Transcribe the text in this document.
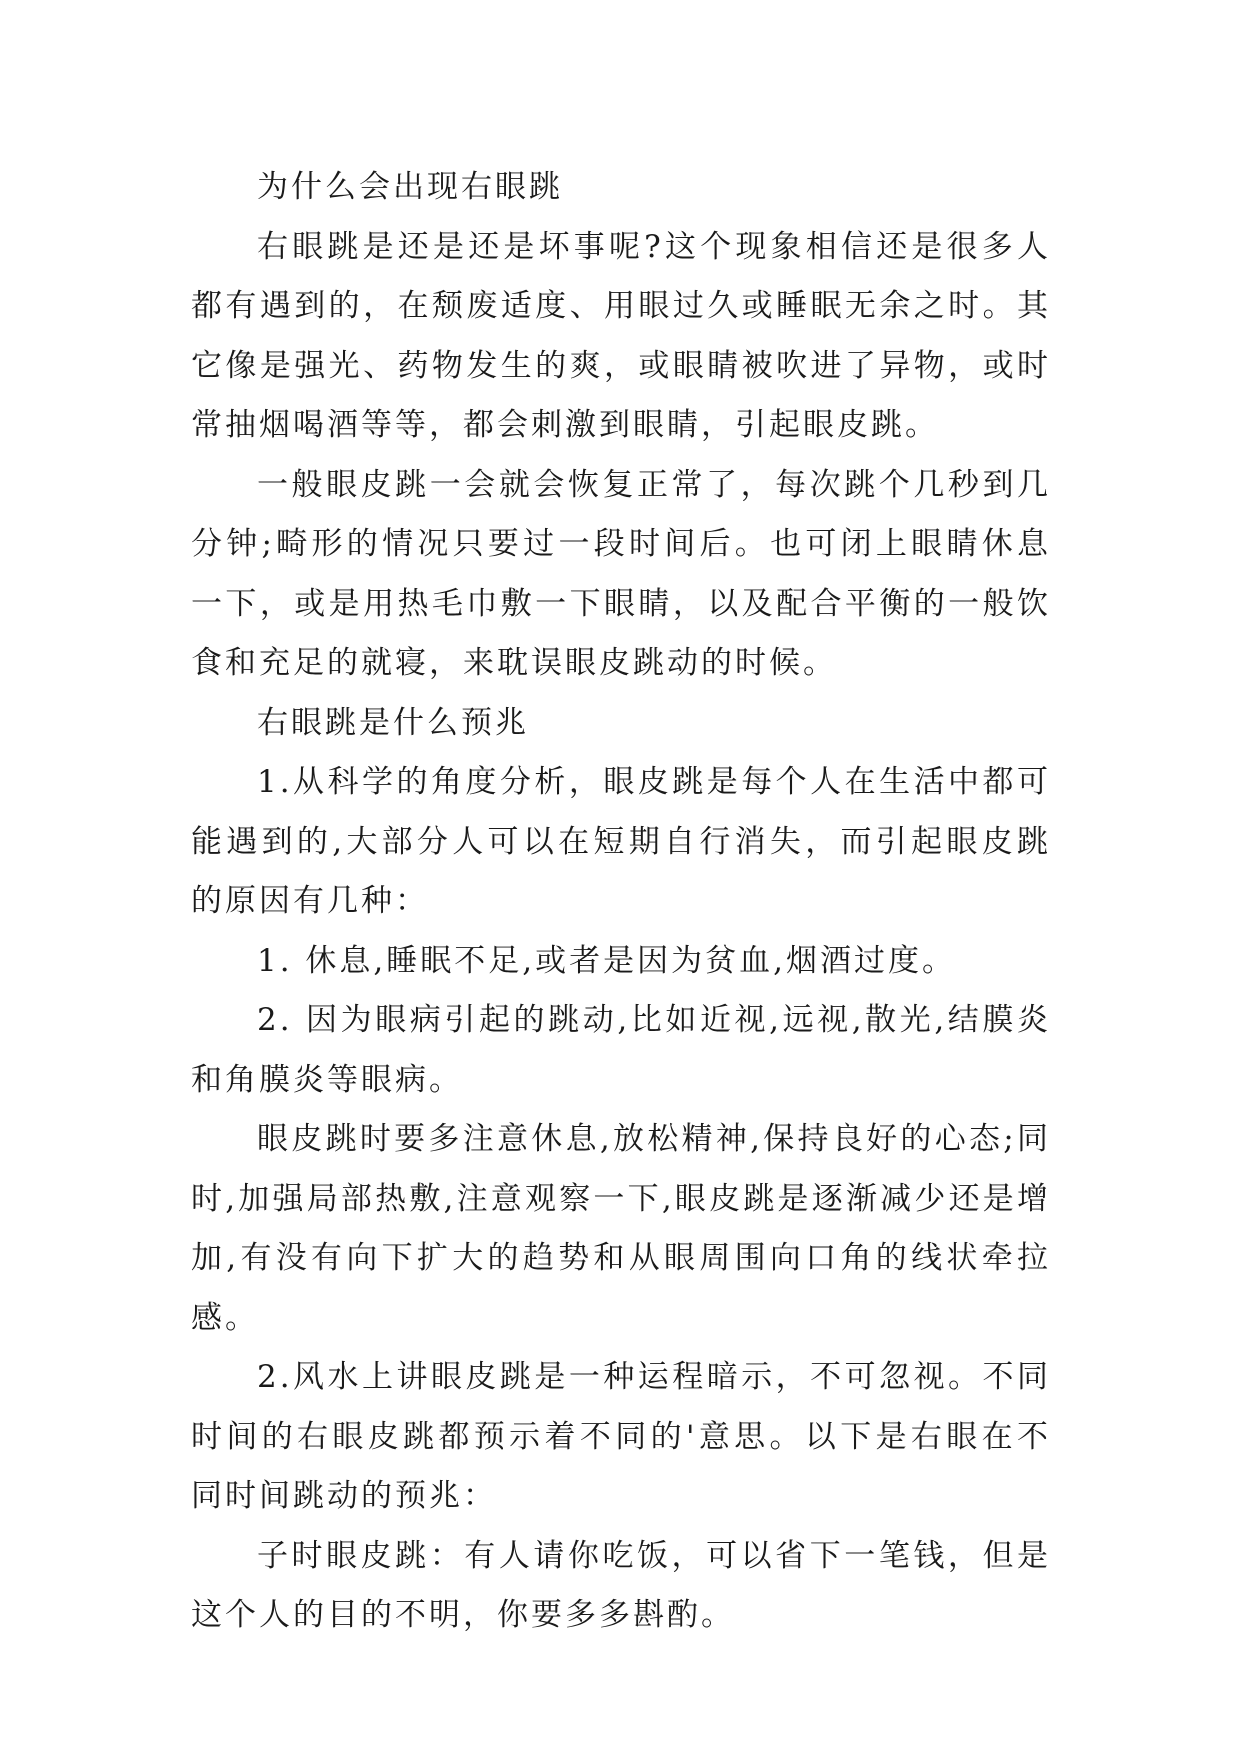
为什么会出现右眼跳

右眼跳是还是还是坏事呢?这个现象相信还是很多人都有遇到的，在颓废适度、用眼过久或睡眠无余之时。其它像是强光、药物发生的爽，或眼睛被吹进了异物，或时常抽烟喝酒等等，都会刺激到眼睛，引起眼皮跳。

一般眼皮跳一会就会恢复正常了，每次跳个几秒到几分钟;畸形的情况只要过一段时间后。也可闭上眼睛休息一下，或是用热毛巾敷一下眼睛，以及配合平衡的一般饮食和充足的就寝，来耽误眼皮跳动的时候。

右眼跳是什么预兆

1.从科学的角度分析，眼皮跳是每个人在生活中都可能遇到的,大部分人可以在短期自行消失，而引起眼皮跳的原因有几种：

1. 休息,睡眠不足,或者是因为贫血,烟酒过度。

2. 因为眼病引起的跳动,比如近视,远视,散光,结膜炎和角膜炎等眼病。

眼皮跳时要多注意休息,放松精神,保持良好的心态;同时,加强局部热敷,注意观察一下,眼皮跳是逐渐减少还是增加,有没有向下扩大的趋势和从眼周围向口角的线状牵拉感。

2.风水上讲眼皮跳是一种运程暗示，不可忽视。不同时间的右眼皮跳都预示着不同的'意思。以下是右眼在不同时间跳动的预兆：

子时眼皮跳：有人请你吃饭，可以省下一笔钱，但是这个人的目的不明，你要多多斟酌。
